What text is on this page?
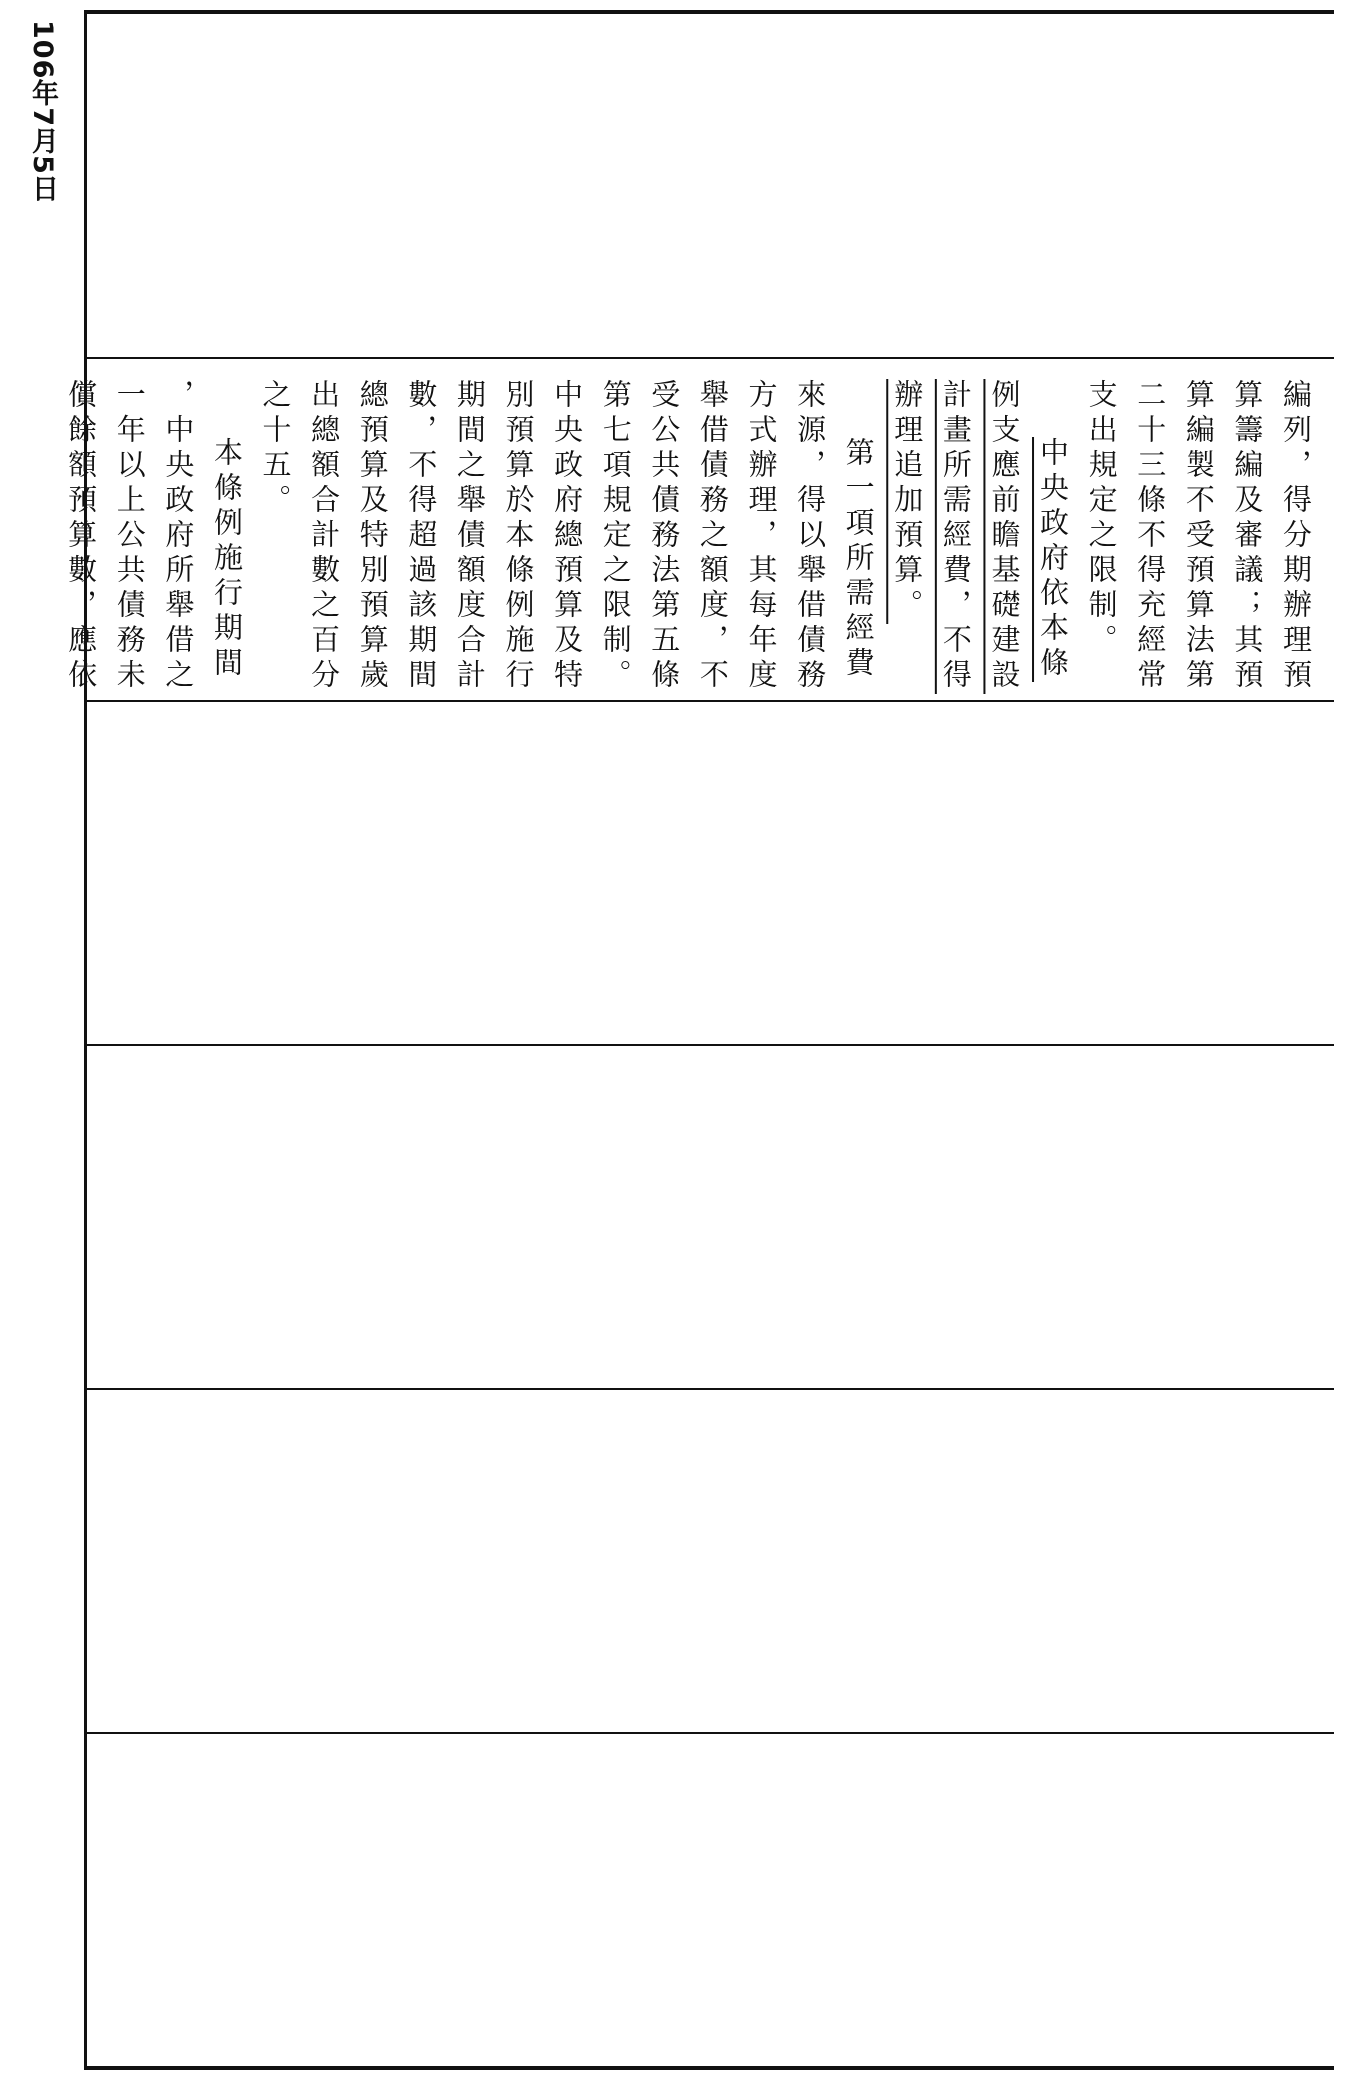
106年7月5日
編列，得分期辦理預
算籌編及審議；其預
算編製不受預算法第
二十三條不得充經常
支出規定之限制。
中央政府依本條
例支應前瞻基礎建設
計畫所需經費，不得
辦理追加預算。
第一項所需經費
來源，得以舉借債務
方式辦理，其每年度
舉借債務之額度，不
受公共債務法第五條
第七項規定之限制。
中央政府總預算及特
別預算於本條例施行
期間之舉債額度合計
數，不得超過該期間
總預算及特別預算歲
出總額合計數之百分
之十五。
本條例施行期間
，中央政府所舉借之
一年以上公共債務未
償餘額預算數，應依
